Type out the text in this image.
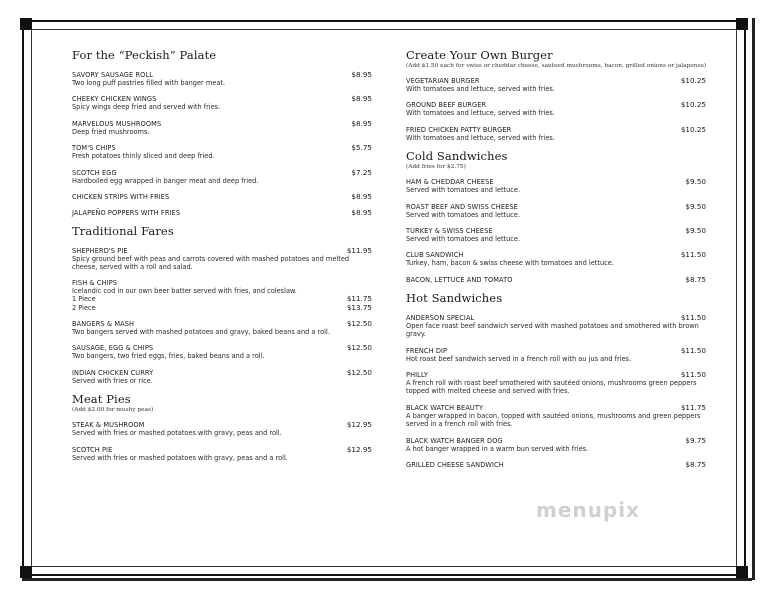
For the “Peckish” Palate
SAVORY SAUSAGE ROLL	$8.95
Two long puff pastries filled with banger meat.
CHEEKY CHICKEN WINGS	$8.95
Spicy wings deep fried and served with fries.
MARVELOUS MUSHROOMS	$8.95
Deep fried mushrooms.
TOM'S CHIPS	$5.75
Fresh potatoes thinly sliced and deep fried.
SCOTCH EGG	$7.25
Hardboiled egg wrapped in banger meat and deep fried.
CHICKEN STRIPS WITH FRIES	$8.95
JALAPEÑO POPPERS WITH FRIES	$8.95
Traditional Fares
SHEPHERD'S PIE	$11.95
Spicy ground beef with peas and carrots covered with mashed potatoes and melted cheese, served with a roll and salad.
FISH & CHIPS
Icelandic cod in our own beer batter served with fries, and coleslaw.
1 Piece	$11.75
2 Piece	$13.75
BANGERS & MASH	$12.50
Two bangers served with mashed potatoes and gravy, baked beans and a roll.
SAUSAGE, EGG & CHIPS	$12.50
Two bangers, two fried eggs, fries, baked beans and a roll.
INDIAN CHICKEN CURRY	$12.50
Served with fries or rice.
Meat Pies
(Add $2.00 for mushy peas)
STEAK & MUSHROOM	$12.95
Served with fries or mashed potatoes with gravy, peas and roll.
SCOTCH PIE	$12.95
Served with fries or mashed potatoes with gravy, peas and a roll.
Create Your Own Burger
(Add $1.50 each for swiss or cheddar cheese, sauteed mushrooms, bacon, grilled onions or jalapenos)
VEGETARIAN BURGER	$10.25
With tomatoes and lettuce, served with fries.
GROUND BEEF BURGER	$10.25
With tomatoes and lettuce, served with fries.
FRIED CHICKEN PATTY BURGER	$10.25
With tomatoes and lettuce, served with fries.
Cold Sandwiches
(Add fries for $2.75)
HAM & CHEDDAR CHEESE	$9.50
Served with tomatoes and lettuce.
ROAST BEEF AND SWISS CHEESE	$9.50
Served with tomatoes and lettuce.
TURKEY & SWISS CHEESE	$9.50
Served with tomatoes and lettuce.
CLUB SANDWICH	$11.50
Turkey, ham, bacon & swiss cheese with tomatoes and lettuce.
BACON, LETTUCE AND TOMATO	$8.75
Hot Sandwiches
ANDERSON SPECIAL	$11.50
Open face roast beef sandwich served with mashed potatoes and smothered with brown gravy.
FRENCH DIP	$11.50
Hot roast beef sandwich served in a french roll with au jus and fries.
PHILLY	$11.50
A french roll with roast beef smothered with sautéed onions, mushrooms green peppers topped with melted cheese and served with fries.
BLACK WATCH BEAUTY	$11.75
A banger wrapped in bacon, topped with sautéed onions, mushrooms and green peppers served in a french roll with fries.
BLACK WATCH BANGER DOG	$9.75
A hot banger wrapped in a warm bun served with fries.
GRILLED CHEESE SANDWICH	$8.75
menupix
